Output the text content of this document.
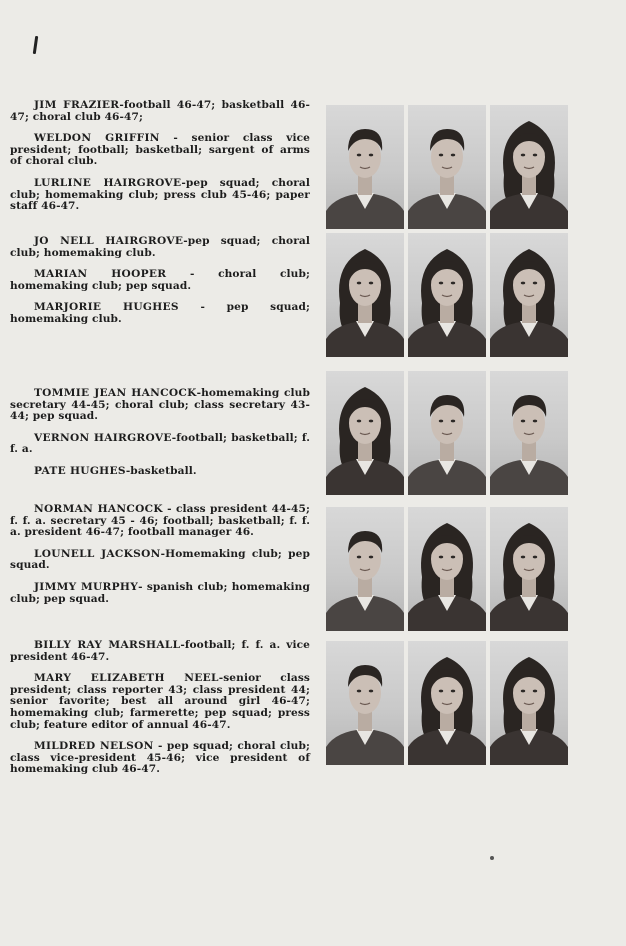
JIM FRAZIER-football 46-47; basketball 46-47; choral club 46-47;

WELDON GRIFFIN - senior class vice president; football; basketball; sargent of arms of choral club.

LURLINE HAIRGROVE-pep squad; choral club; homemaking club; press club 45-46; paper staff 46-47.

JO NELL HAIRGROVE-pep squad; choral club; homemaking club.

MARIAN HOOPER - choral club; homemaking club; pep squad.

MARJORIE HUGHES - pep squad; homemaking club.

TOMMIE JEAN HANCOCK-homemaking club secretary 44-45; choral club; class secretary 43-44; pep squad.

VERNON HAIRGROVE-football; basketball; f. f. a.

PATE HUGHES-basketball.

NORMAN HANCOCK - class president 44-45; f. f. a. secretary 45 - 46; football; basketball; f. f. a. president 46-47; football manager 46.

LOUNELL JACKSON-Homemaking club; pep squad.

JIMMY MURPHY- spanish club; homemaking club; pep squad.

BILLY RAY MARSHALL-football; f. f. a. vice president 46-47.

MARY ELIZABETH NEEL-senior class president; class reporter 43; class president 44; senior favorite; best all around girl 46-47; homemaking club; farmerette; pep squad; press club; feature editor of annual 46-47.

MILDRED NELSON - pep squad; choral club; class vice-president 45-46; vice president of homemaking club 46-47.
